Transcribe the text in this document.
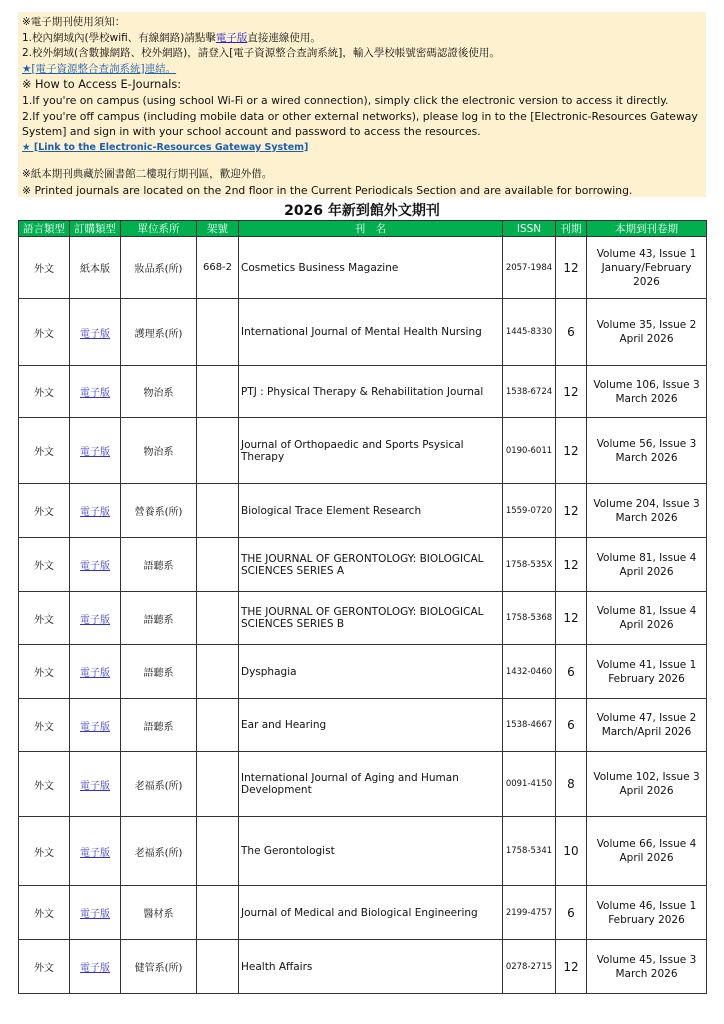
※電子期刊使用須知：
1.校內網域內(學校wifi、有線網路)請點擊電子版直接連線使用。
2.校外網域(含數據網路、校外網路)，請登入[電子資源整合查詢系統]，輸入學校帳號密碼認證後使用。
★[電子資源整合查詢系統]連結。
※ How to Access E-Journals:
1.If you're on campus (using school Wi-Fi or a wired connection), simply click the electronic version to access it directly.
2.If you're off campus (including mobile data or other external networks), please log in to the [Electronic-Resources Gateway
System] and sign in with your school account and password to access the resources.
★ [Link to the Electronic-Resources Gateway System]
※紙本期刊典藏於圖書館二樓現行期刊區，歡迎外借。
※ Printed journals are located on the 2nd floor in the Current Periodicals Section and are available for borrowing.
2026 年新到館外文期刊
語言類型	訂購類型	單位系所	架號	刊　名	ISSN	刊期	本期到刊卷期
外文	紙本版	妝品系(所)	668-2	Cosmetics Business Magazine	2057-1984	12	Volume 43, Issue 1
January/February 2026

外文	電子版	護理系(所)		International Journal of Mental Health Nursing	1445-8330	6	Volume 35, Issue 2
April 2026

外文	電子版	物治系		PTJ : Physical Therapy & Rehabilitation Journal	1538-6724	12	Volume 106, Issue 3
March 2026

外文	電子版	物治系		Journal of Orthopaedic and Sports Psysical Therapy	0190-6011	12	Volume 56, Issue 3
March 2026

外文	電子版	營養系(所)		Biological Trace Element Research	1559-0720	12	Volume 204, Issue 3
March 2026

外文	電子版	語聽系		THE JOURNAL OF GERONTOLOGY: BIOLOGICAL SCIENCES SERIES A	1758-535X	12	Volume 81, Issue 4
April 2026

外文	電子版	語聽系		THE JOURNAL OF GERONTOLOGY: BIOLOGICAL SCIENCES SERIES B	1758-5368	12	Volume 81, Issue 4
April 2026

外文	電子版	語聽系		Dysphagia	1432-0460	6	Volume 41, Issue 1
February 2026

外文	電子版	語聽系		Ear and Hearing	1538-4667	6	Volume 47, Issue 2
March/April 2026

外文	電子版	老福系(所)		International Journal of Aging and Human Development	0091-4150	8	Volume 102, Issue 3
April 2026

外文	電子版	老福系(所)		The Gerontologist	1758-5341	10	Volume 66, Issue 4
April 2026

外文	電子版	醫材系		Journal of Medical and Biological Engineering	2199-4757	6	Volume 46, Issue 1
February 2026

外文	電子版	健管系(所)		Health Affairs	0278-2715	12	Volume 45, Issue 3
March 2026
